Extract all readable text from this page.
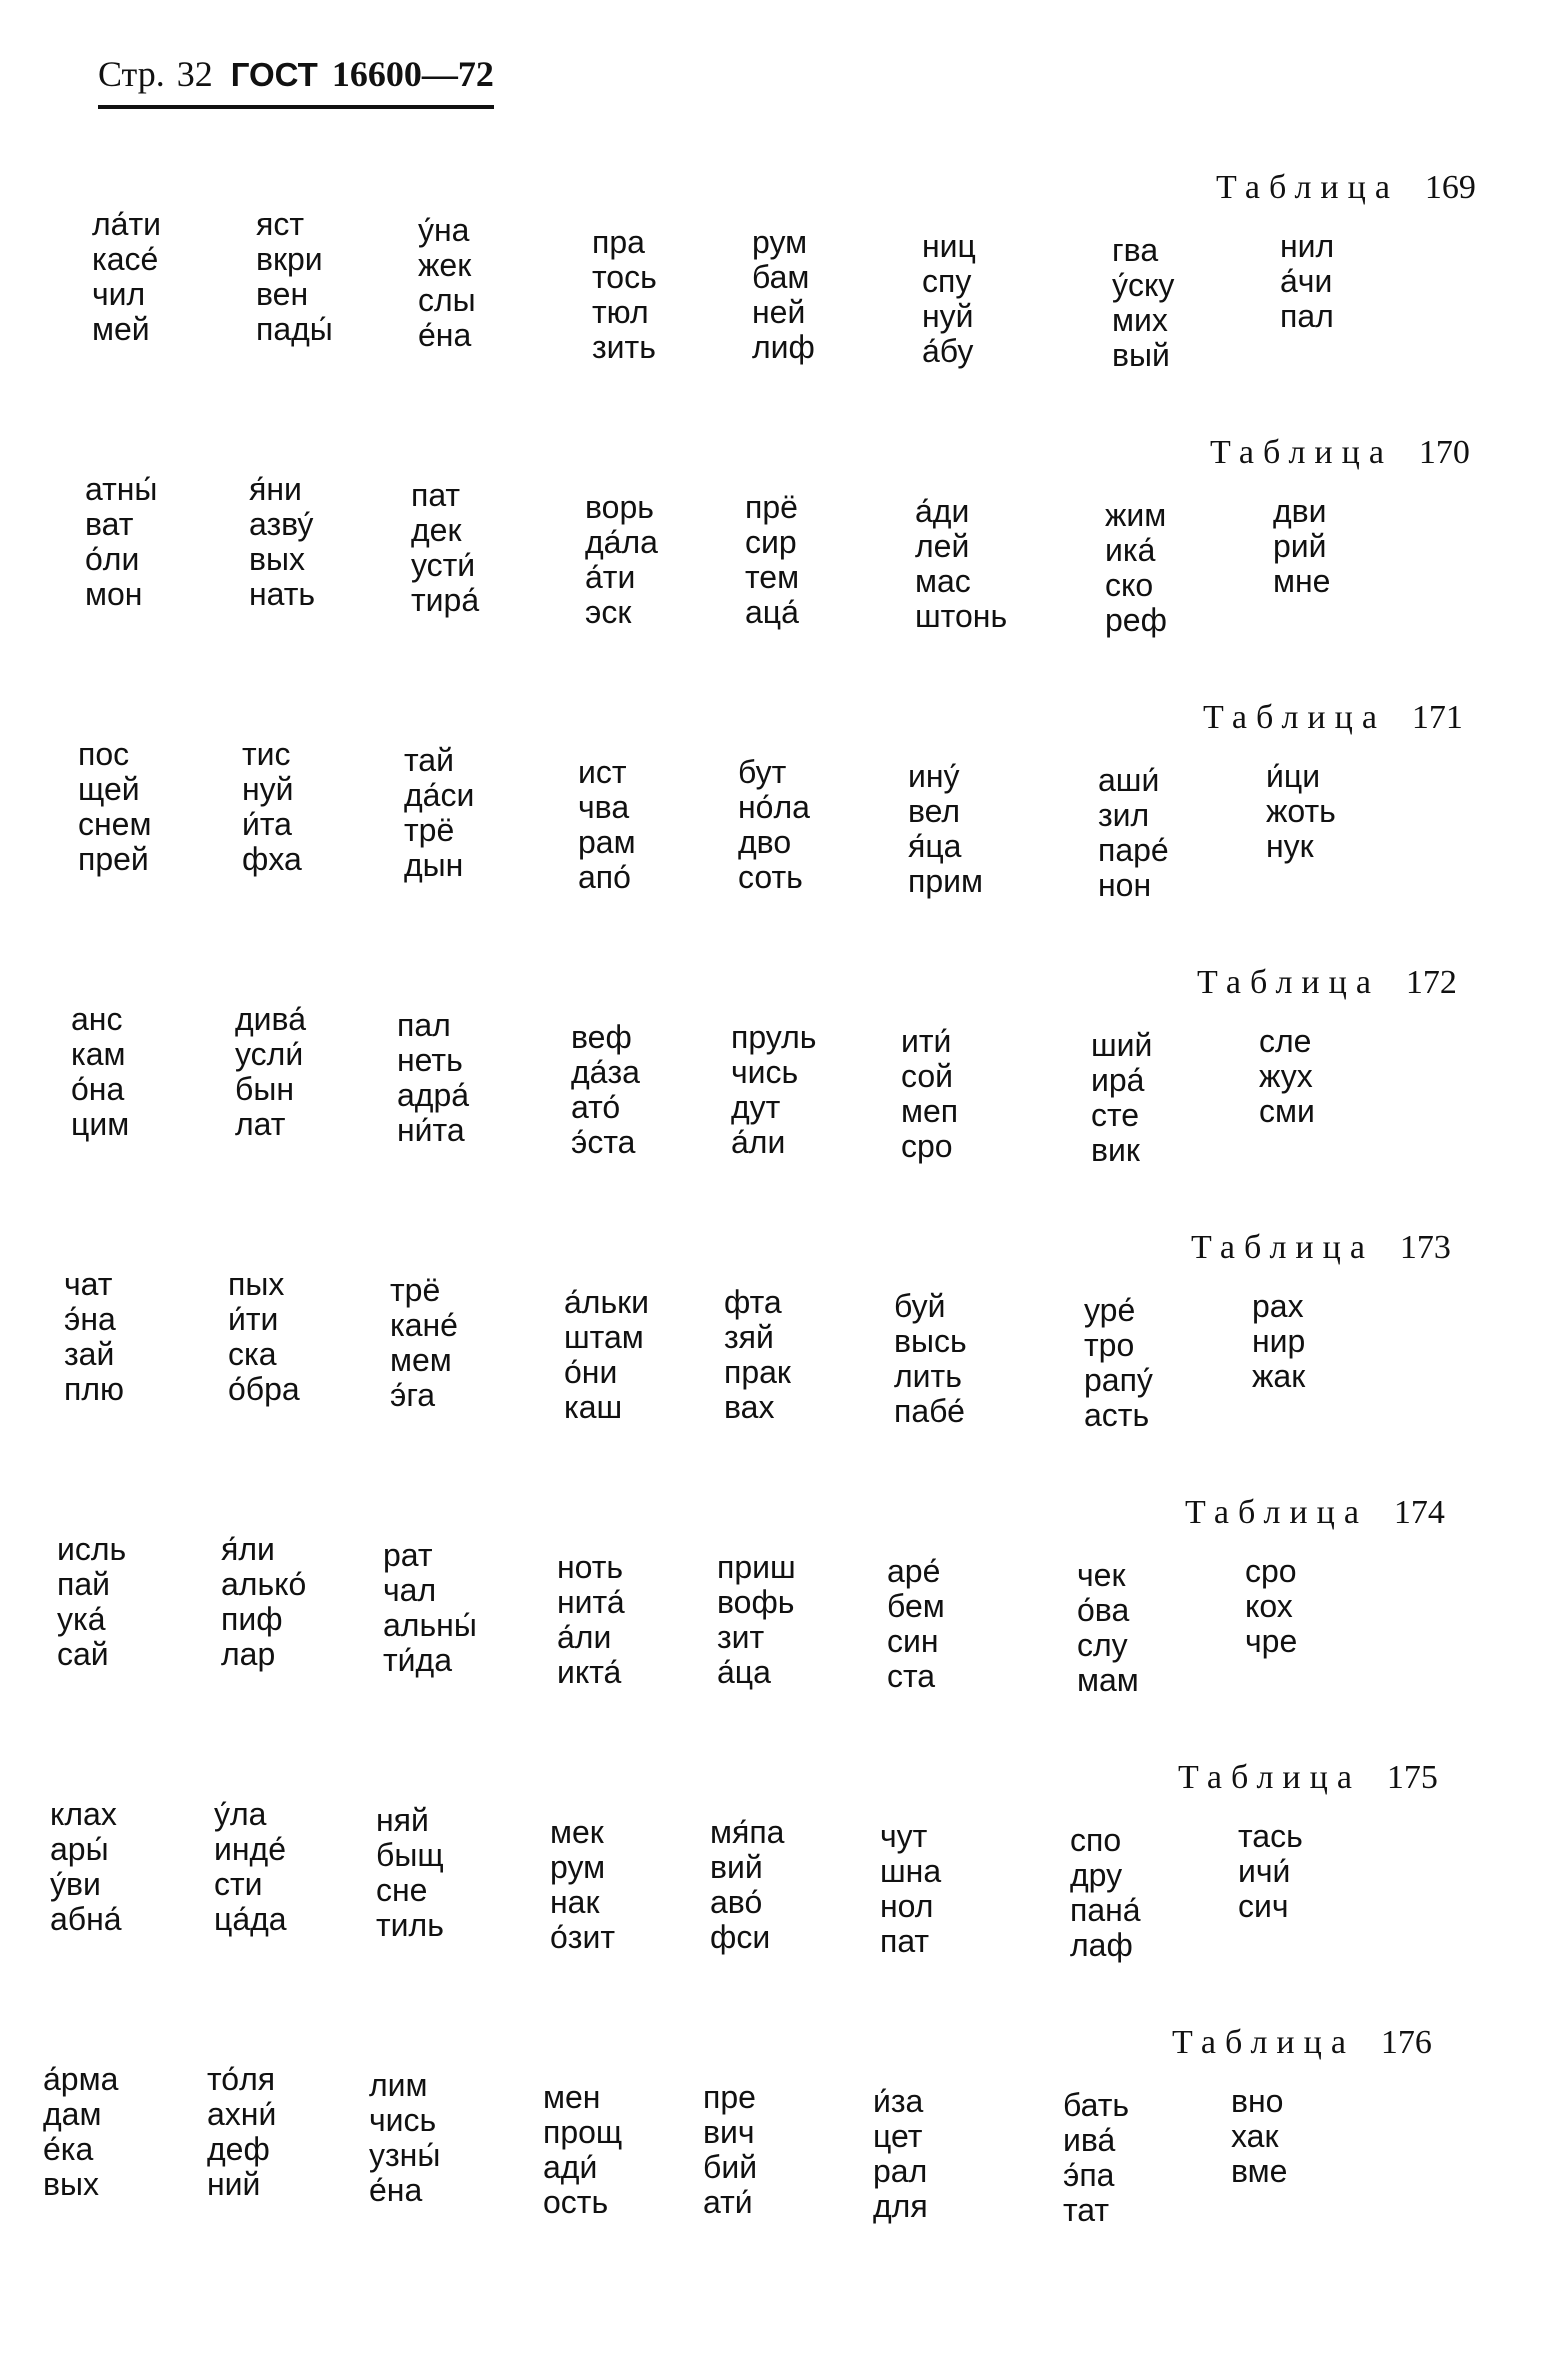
Стр. 32 ГОСТ 16600—72
Таблица 169
ла́ти
касе́
чил
мей
яст
вкри
вен
пады́
у́на
жек
слы
е́на
пра
тось
тюл
зить
рум
бам
ней
лиф
ниц
спу
нуй
а́бу
гва
у́ску
мих
вый
нил
а́чи
пал
Таблица 170
атны́
ват
о́ли
мон
я́ни
азву́
вых
нать
пат
дек
усти́
тира́
ворь
да́ла
а́ти
эск
прё
сир
тем
аца́
а́ди
лей
мас
штонь
жим
ика́
ско
реф
дви
рий
мне
Таблица 171
пос
щей
снем
прей
тис
нуй
и́та
фха
тай
да́си
трё
дын
ист
чва
рам
апо́
бут
но́ла
дво
соть
ину́
вел
я́ца
прим
аши́
зил
паре́
нон
и́ци
жоть
нук
Таблица 172
анс
кам
о́на
цим
дива́
усли́
бын
лат
пал
неть
адра́
ни́та
веф
да́за
ато́
э́ста
пруль
чись
дут
а́ли
ити́
сой
меп
сро
ший
ира́
сте
вик
сле
жух
сми
Таблица 173
чат
э́на
зай
плю
пых
и́ти
ска
о́бра
трё
кане́
мем
э́га
а́льки
штам
о́ни
каш
фта
зяй
прак
вах
буй
высь
лить
пабе́
уре́
тро
рапу́
асть
рах
нир
жак
Таблица 174
исль
пай
ука́
сай
я́ли
алько́
пиф
лар
рат
чал
альны́
ти́да
ноть
нита́
а́ли
икта́
приш
вофь
зит
а́ца
аре́
бем
син
ста
чек
о́ва
слу
мам
сро
кох
чре
Таблица 175
клах
ары́
у́ви
абна́
у́ла
инде́
сти
ца́да
няй
быщ
сне
тиль
мек
рум
нак
о́зит
мя́па
вий
аво́
фси
чут
шна
нол
пат
спо
дру
пана́
лаф
тась
ичи́
сич
Таблица 176
а́рма
дам
е́ка
вых
то́ля
ахни́
деф
ний
лим
чись
узны́
е́на
мен
прощ
ади́
ость
пре
вич
бий
ати́
и́за
цет
рал
для
бать
ива́
э́па
тат
вно
хак
вме
